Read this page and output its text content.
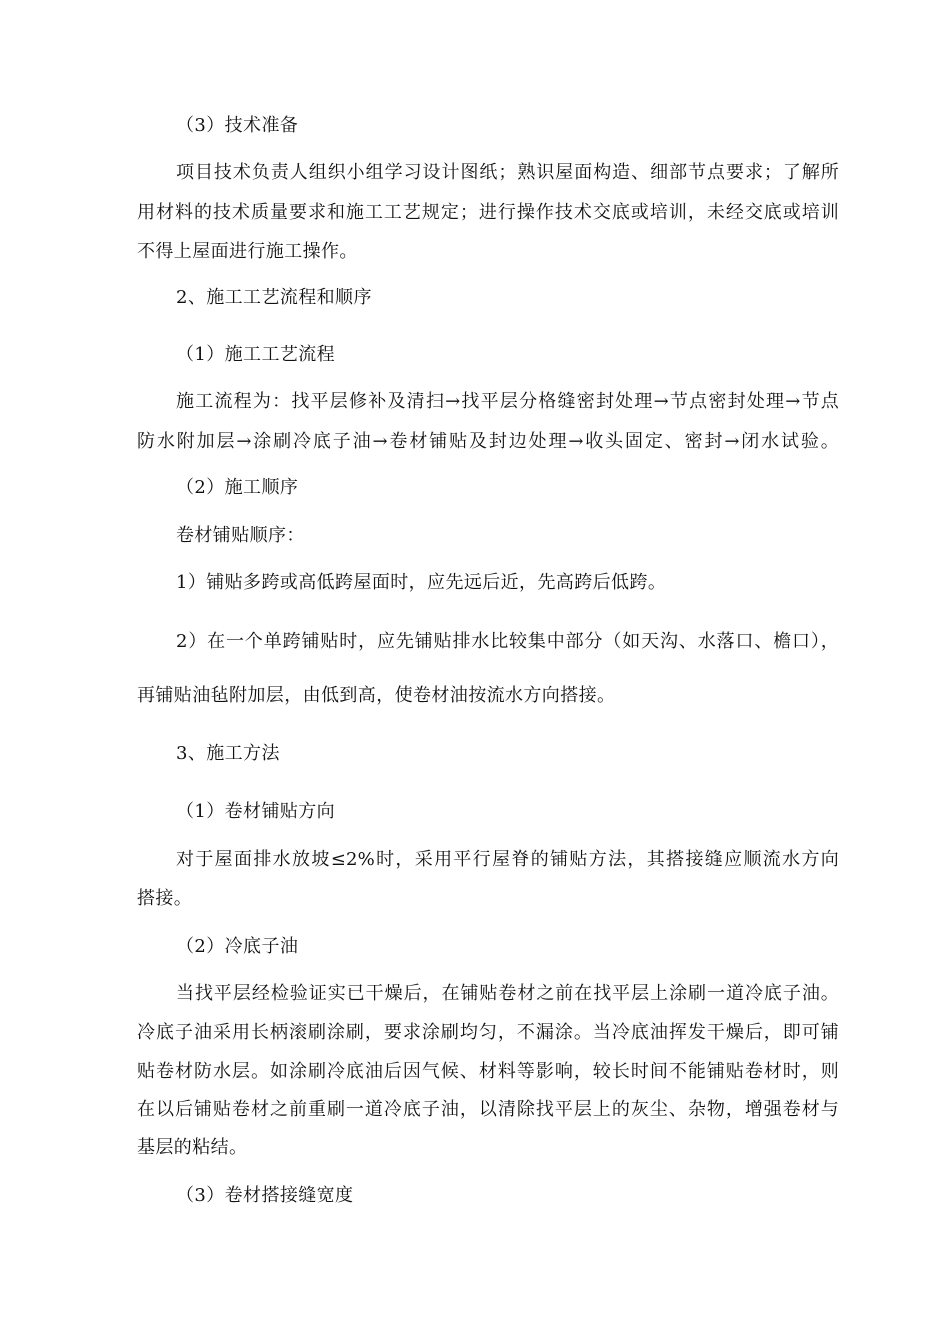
（3）技术准备
项目技术负责人组织小组学习设计图纸；熟识屋面构造、细部节点要求；了解所
用材料的技术质量要求和施工工艺规定；进行操作技术交底或培训，未经交底或培训
不得上屋面进行施工操作。
2、施工工艺流程和顺序
（1）施工工艺流程
施工流程为：找平层修补及清扫→找平层分格缝密封处理→节点密封处理→节点
防水附加层→涂刷冷底子油→卷材铺贴及封边处理→收头固定、密封→闭水试验。
（2）施工顺序
卷材铺贴顺序：
1）铺贴多跨或高低跨屋面时，应先远后近，先高跨后低跨。
2）在一个单跨铺贴时，应先铺贴排水比较集中部分（如天沟、水落口、檐口），
再铺贴油毡附加层，由低到高，使卷材油按流水方向搭接。
3、施工方法
（1）卷材铺贴方向
对于屋面排水放坡≤2%时，采用平行屋脊的铺贴方法，其搭接缝应顺流水方向
搭接。
（2）冷底子油
当找平层经检验证实已干燥后，在铺贴卷材之前在找平层上涂刷一道冷底子油。
冷底子油采用长柄滚刷涂刷，要求涂刷均匀，不漏涂。当冷底油挥发干燥后，即可铺
贴卷材防水层。如涂刷冷底油后因气候、材料等影响，较长时间不能铺贴卷材时，则
在以后铺贴卷材之前重刷一道冷底子油，以清除找平层上的灰尘、杂物，增强卷材与
基层的粘结。
（3）卷材搭接缝宽度
